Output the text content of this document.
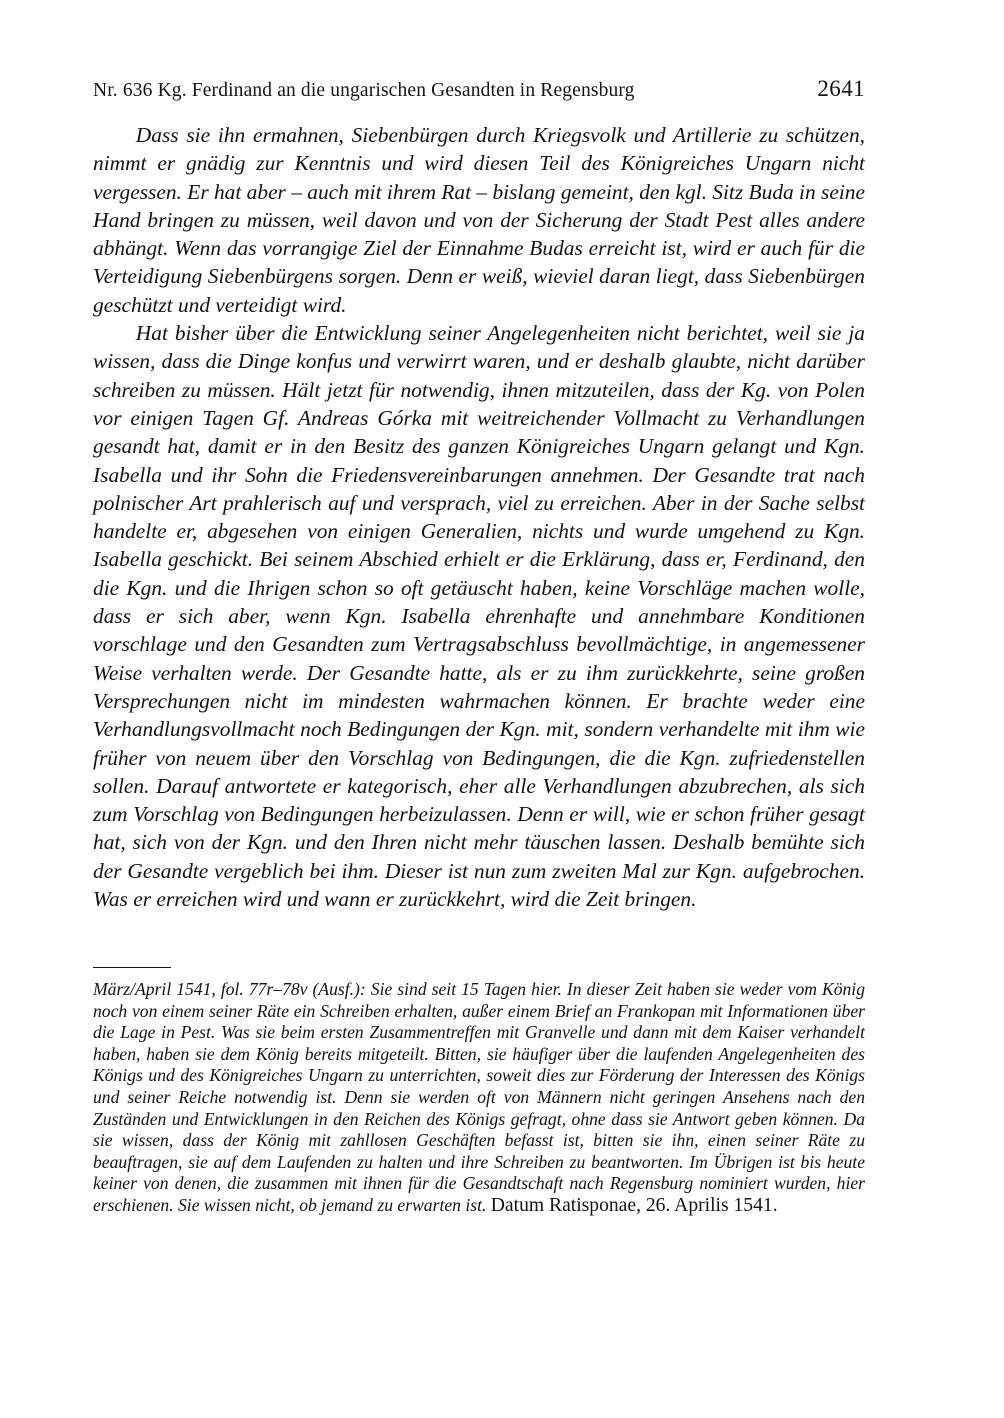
Nr. 636 Kg. Ferdinand an die ungarischen Gesandten in Regensburg	2641

Dass sie ihn ermahnen, Siebenbürgen durch Kriegsvolk und Artillerie zu schützen, nimmt er gnädig zur Kenntnis und wird diesen Teil des Königreiches Ungarn nicht vergessen. Er hat aber – auch mit ihrem Rat – bislang gemeint, den kgl. Sitz Buda in seine Hand bringen zu müssen, weil davon und von der Sicherung der Stadt Pest alles andere abhängt. Wenn das vorrangige Ziel der Einnahme Budas erreicht ist, wird er auch für die Verteidigung Siebenbürgens sorgen. Denn er weiß, wieviel daran liegt, dass Siebenbürgen geschützt und verteidigt wird.

Hat bisher über die Entwicklung seiner Angelegenheiten nicht berichtet, weil sie ja wissen, dass die Dinge konfus und verwirrt waren, und er deshalb glaubte, nicht darüber schreiben zu müssen. Hält jetzt für notwendig, ihnen mitzuteilen, dass der Kg. von Polen vor einigen Tagen Gf. Andreas Górka mit weitreichender Vollmacht zu Verhandlungen gesandt hat, damit er in den Besitz des ganzen Königreiches Ungarn gelangt und Kgn. Isabella und ihr Sohn die Friedensvereinbarungen annehmen. Der Gesandte trat nach polnischer Art prahlerisch auf und versprach, viel zu erreichen. Aber in der Sache selbst handelte er, abgesehen von einigen Generalien, nichts und wurde umgehend zu Kgn. Isabella geschickt. Bei seinem Abschied erhielt er die Erklärung, dass er, Ferdinand, den die Kgn. und die Ihrigen schon so oft getäuscht haben, keine Vorschläge machen wolle, dass er sich aber, wenn Kgn. Isabella ehrenhafte und annehmbare Konditionen vorschlage und den Gesandten zum Vertragsabschluss bevollmächtige, in angemessener Weise verhalten werde. Der Gesandte hatte, als er zu ihm zurückkehrte, seine großen Versprechungen nicht im mindesten wahrmachen können. Er brachte weder eine Verhandlungsvollmacht noch Bedingungen der Kgn. mit, sondern verhandelte mit ihm wie früher von neuem über den Vorschlag von Bedingungen, die die Kgn. zufriedenstellen sollen. Darauf antwortete er kategorisch, eher alle Verhandlungen abzubrechen, als sich zum Vorschlag von Bedingungen herbeizulassen. Denn er will, wie er schon früher gesagt hat, sich von der Kgn. und den Ihren nicht mehr täuschen lassen. Deshalb bemühte sich der Gesandte vergeblich bei ihm. Dieser ist nun zum zweiten Mal zur Kgn. aufgebrochen. Was er erreichen wird und wann er zurückkehrt, wird die Zeit bringen.

März/April 1541, fol. 77r–78v (Ausf.): Sie sind seit 15 Tagen hier. In dieser Zeit haben sie weder vom König noch von einem seiner Räte ein Schreiben erhalten, außer einem Brief an Frankopan mit Informationen über die Lage in Pest. Was sie beim ersten Zusammentreffen mit Granvelle und dann mit dem Kaiser verhandelt haben, haben sie dem König bereits mitgeteilt. Bitten, sie häufiger über die laufenden Angelegenheiten des Königs und des Königreiches Ungarn zu unterrichten, soweit dies zur Förderung der Interessen des Königs und seiner Reiche notwendig ist. Denn sie werden oft von Männern nicht geringen Ansehens nach den Zuständen und Entwicklungen in den Reichen des Königs gefragt, ohne dass sie Antwort geben können. Da sie wissen, dass der König mit zahllosen Geschäften befasst ist, bitten sie ihn, einen seiner Räte zu beauftragen, sie auf dem Laufenden zu halten und ihre Schreiben zu beantworten. Im Übrigen ist bis heute keiner von denen, die zusammen mit ihnen für die Gesandtschaft nach Regensburg nominiert wurden, hier erschienen. Sie wissen nicht, ob jemand zu erwarten ist. Datum Ratisponae, 26. Aprilis 1541.
